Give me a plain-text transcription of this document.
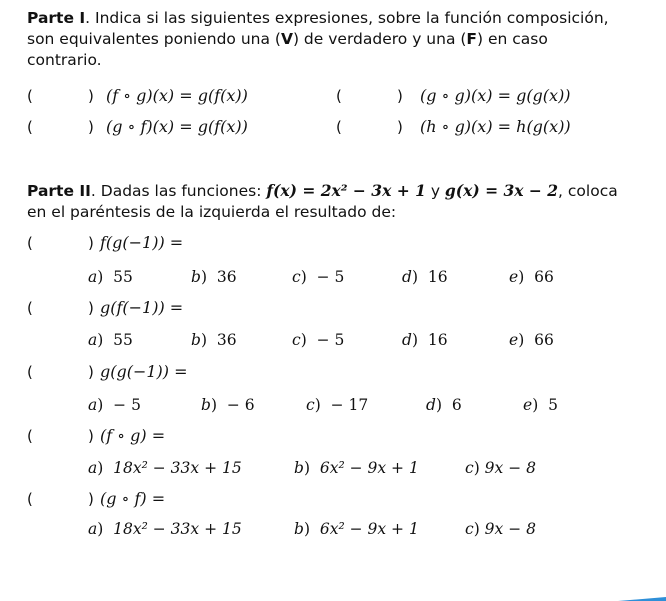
Parte I. Indica si las siguientes expresiones, sobre la función composición, son equivalentes poniendo una (V) de verdadero y una (F) en caso contrario.

(	) (f ∘ g)(x) = g(f(x))	(	) (g ∘ g)(x) = g(g(x))
(	) (g ∘ f)(x) = g(f(x))	(	) (h ∘ g)(x) = h(g(x))

Parte II. Dadas las funciones: f(x) = 2x² − 3x + 1 y g(x) = 3x − 2, coloca en el paréntesis de la izquierda el resultado de:

(	) f(g(−1)) =
a)  55	b)  36	c)  − 5	d)  16	e)  66
(	) g(f(−1)) =
a)  55	b)  36	c)  − 5	d)  16	e)  66
(	) g(g(−1)) =
a)  − 5	b)  − 6	c)  − 17	d)  6	e)  5
(	) (f ∘ g) =
a)  18x² − 33x + 15	b)  6x² − 9x + 1	c) 9x − 8
(	) (g ∘ f) =
a)  18x² − 33x + 15	b)  6x² − 9x + 1	c) 9x − 8
